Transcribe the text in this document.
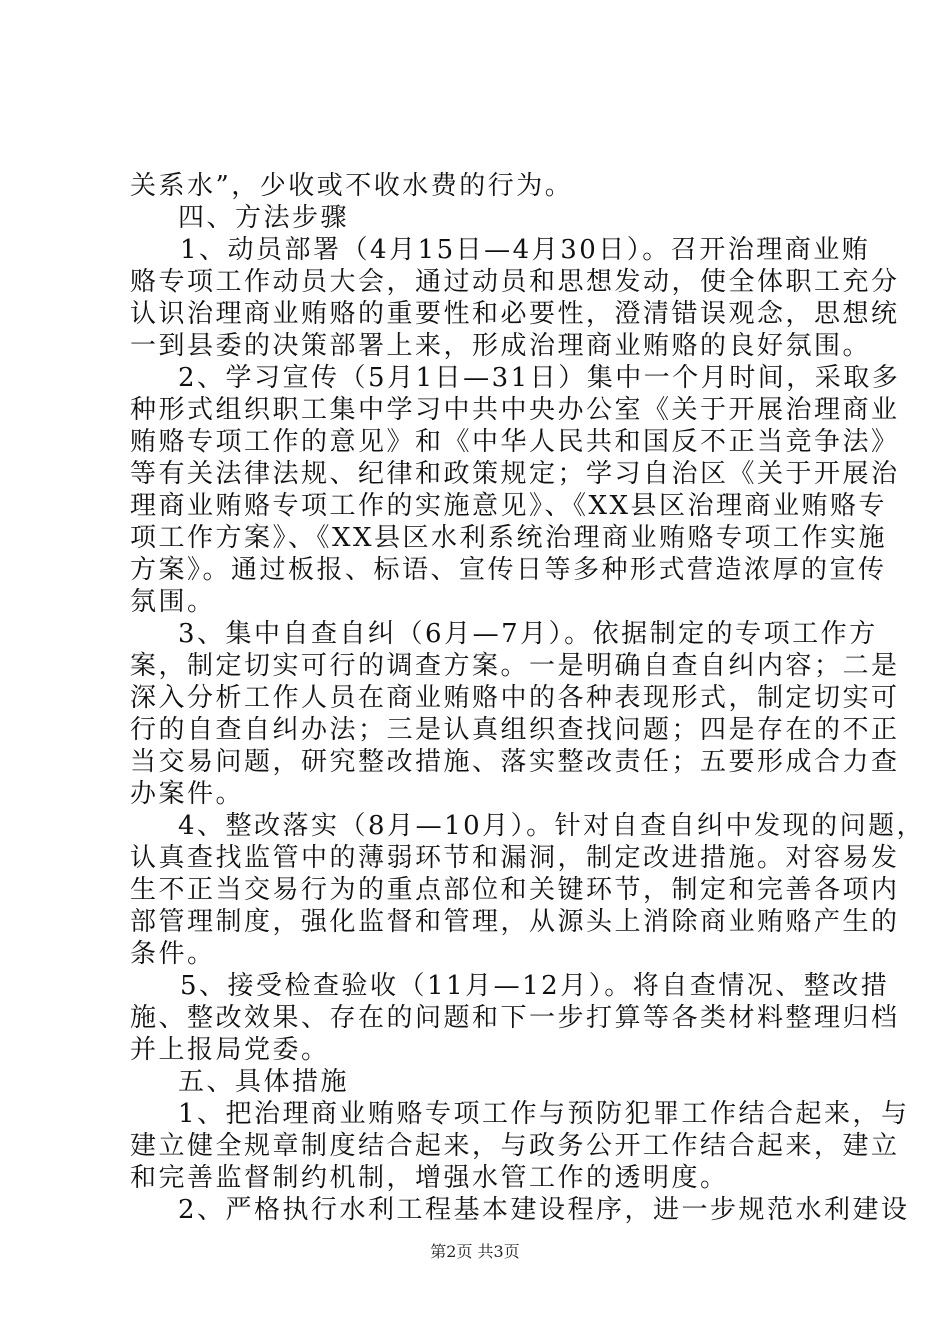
关系水”，少收或不收水费的行为。
四、方法步骤
1、动员部署（4月15日—4月30日）。召开治理商业贿
赂专项工作动员大会，通过动员和思想发动，使全体职工充分
认识治理商业贿赂的重要性和必要性，澄清错误观念，思想统
一到县委的决策部署上来，形成治理商业贿赂的良好氛围。
2、学习宣传（5月1日—31日）集中一个月时间，采取多
种形式组织职工集中学习中共中央办公室《关于开展治理商业
贿赂专项工作的意见》和《中华人民共和国反不正当竞争法》
等有关法律法规、纪律和政策规定；学习自治区《关于开展治
理商业贿赂专项工作的实施意见》、《XX县区治理商业贿赂专
项工作方案》、《XX县区水利系统治理商业贿赂专项工作实施
方案》。通过板报、标语、宣传日等多种形式营造浓厚的宣传
氛围。
3、集中自查自纠（6月—7月）。依据制定的专项工作方
案，制定切实可行的调查方案。一是明确自查自纠内容；二是
深入分析工作人员在商业贿赂中的各种表现形式，制定切实可
行的自查自纠办法；三是认真组织查找问题；四是存在的不正
当交易问题，研究整改措施、落实整改责任；五要形成合力查
办案件。
4、整改落实（8月—10月）。针对自查自纠中发现的问题，
认真查找监管中的薄弱环节和漏洞，制定改进措施。对容易发
生不正当交易行为的重点部位和关键环节，制定和完善各项内
部管理制度，强化监督和管理，从源头上消除商业贿赂产生的
条件。
5、接受检查验收（11月—12月）。将自查情况、整改措
施、整改效果、存在的问题和下一步打算等各类材料整理归档
并上报局党委。
五、具体措施
1、把治理商业贿赂专项工作与预防犯罪工作结合起来，与
建立健全规章制度结合起来，与政务公开工作结合起来，建立
和完善监督制约机制，增强水管工作的透明度。
2、严格执行水利工程基本建设程序，进一步规范水利建设
第2页 共3页
